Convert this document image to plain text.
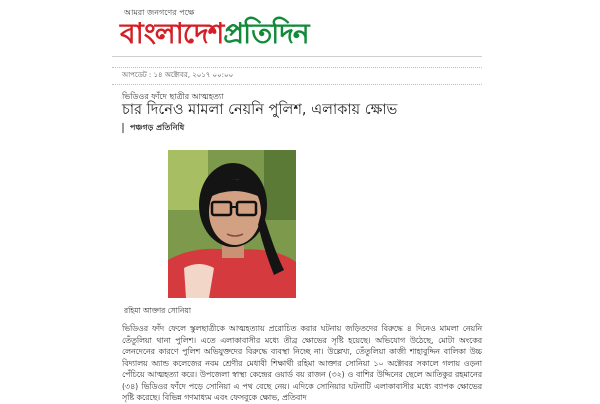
আমরা জনগণের পক্ষে
বাংলাদেশপ্রতিদিন
আপডেট : ১৪ অক্টোবর, ২০১৭ ০০:০০
ভিডিওর ফাঁদে ছাত্রীর আত্মহত্যা
চার দিনেও মামলা নেয়নি পুলিশ, এলাকায় ক্ষোভ
পঞ্চগড় প্রতিনিধি
রহিমা আক্তার সোনিয়া

ভিডিওর ফাঁদ ফেলে স্কুলছাত্রীকে আত্মহত্যায় প্ররোচিত করার ঘটনায় জড়িতদের বিরুদ্ধে ৪ দিনেও মামলা নেয়নি তেঁতুলিয়া থানা পুলিশ। এতে এলাকাবাসীর মধ্যে তীব্র ক্ষোভের সৃষ্টি হয়েছে। অভিযোগ উঠেছে, মোটা অংকের লেনদেনের কারণে পুলিশ অভিযুক্তদের বিরুদ্ধে ব্যবস্থা নিচ্ছে না। উল্লেখ্য, তেঁতুলিয়া কাজী শাহাবুদ্দিন বালিকা উচ্চ বিদ্যালয় অ্যান্ড কলেজের নবম শ্রেণীর মেধাবী শিক্ষার্থী রহিমা আক্তার সোনিয়া ১০ অক্টোবর সকালে গলায় ওড়না পেঁচিয়ে আত্মহত্যা করে। উপজেলা স্বাস্থ্য কেন্দ্রের ওয়ার্ড বয় রাজন (৩২) ও বাশির উদ্দিনের ছেলে আতিকুর রহমানের (৩৪) ভিডিওর ফাঁদে পড়ে সোনিয়া এ পথ বেছে নেয়। এদিকে সোনিয়ার ঘটনাটি এলাকাবাসীর মধ্যে ব্যাপক ক্ষোভের সৃষ্টি করেছে। বিভিন্ন গণমাধ্যম এবং ফেসবুকে ক্ষোভ, প্রতিবাদ
